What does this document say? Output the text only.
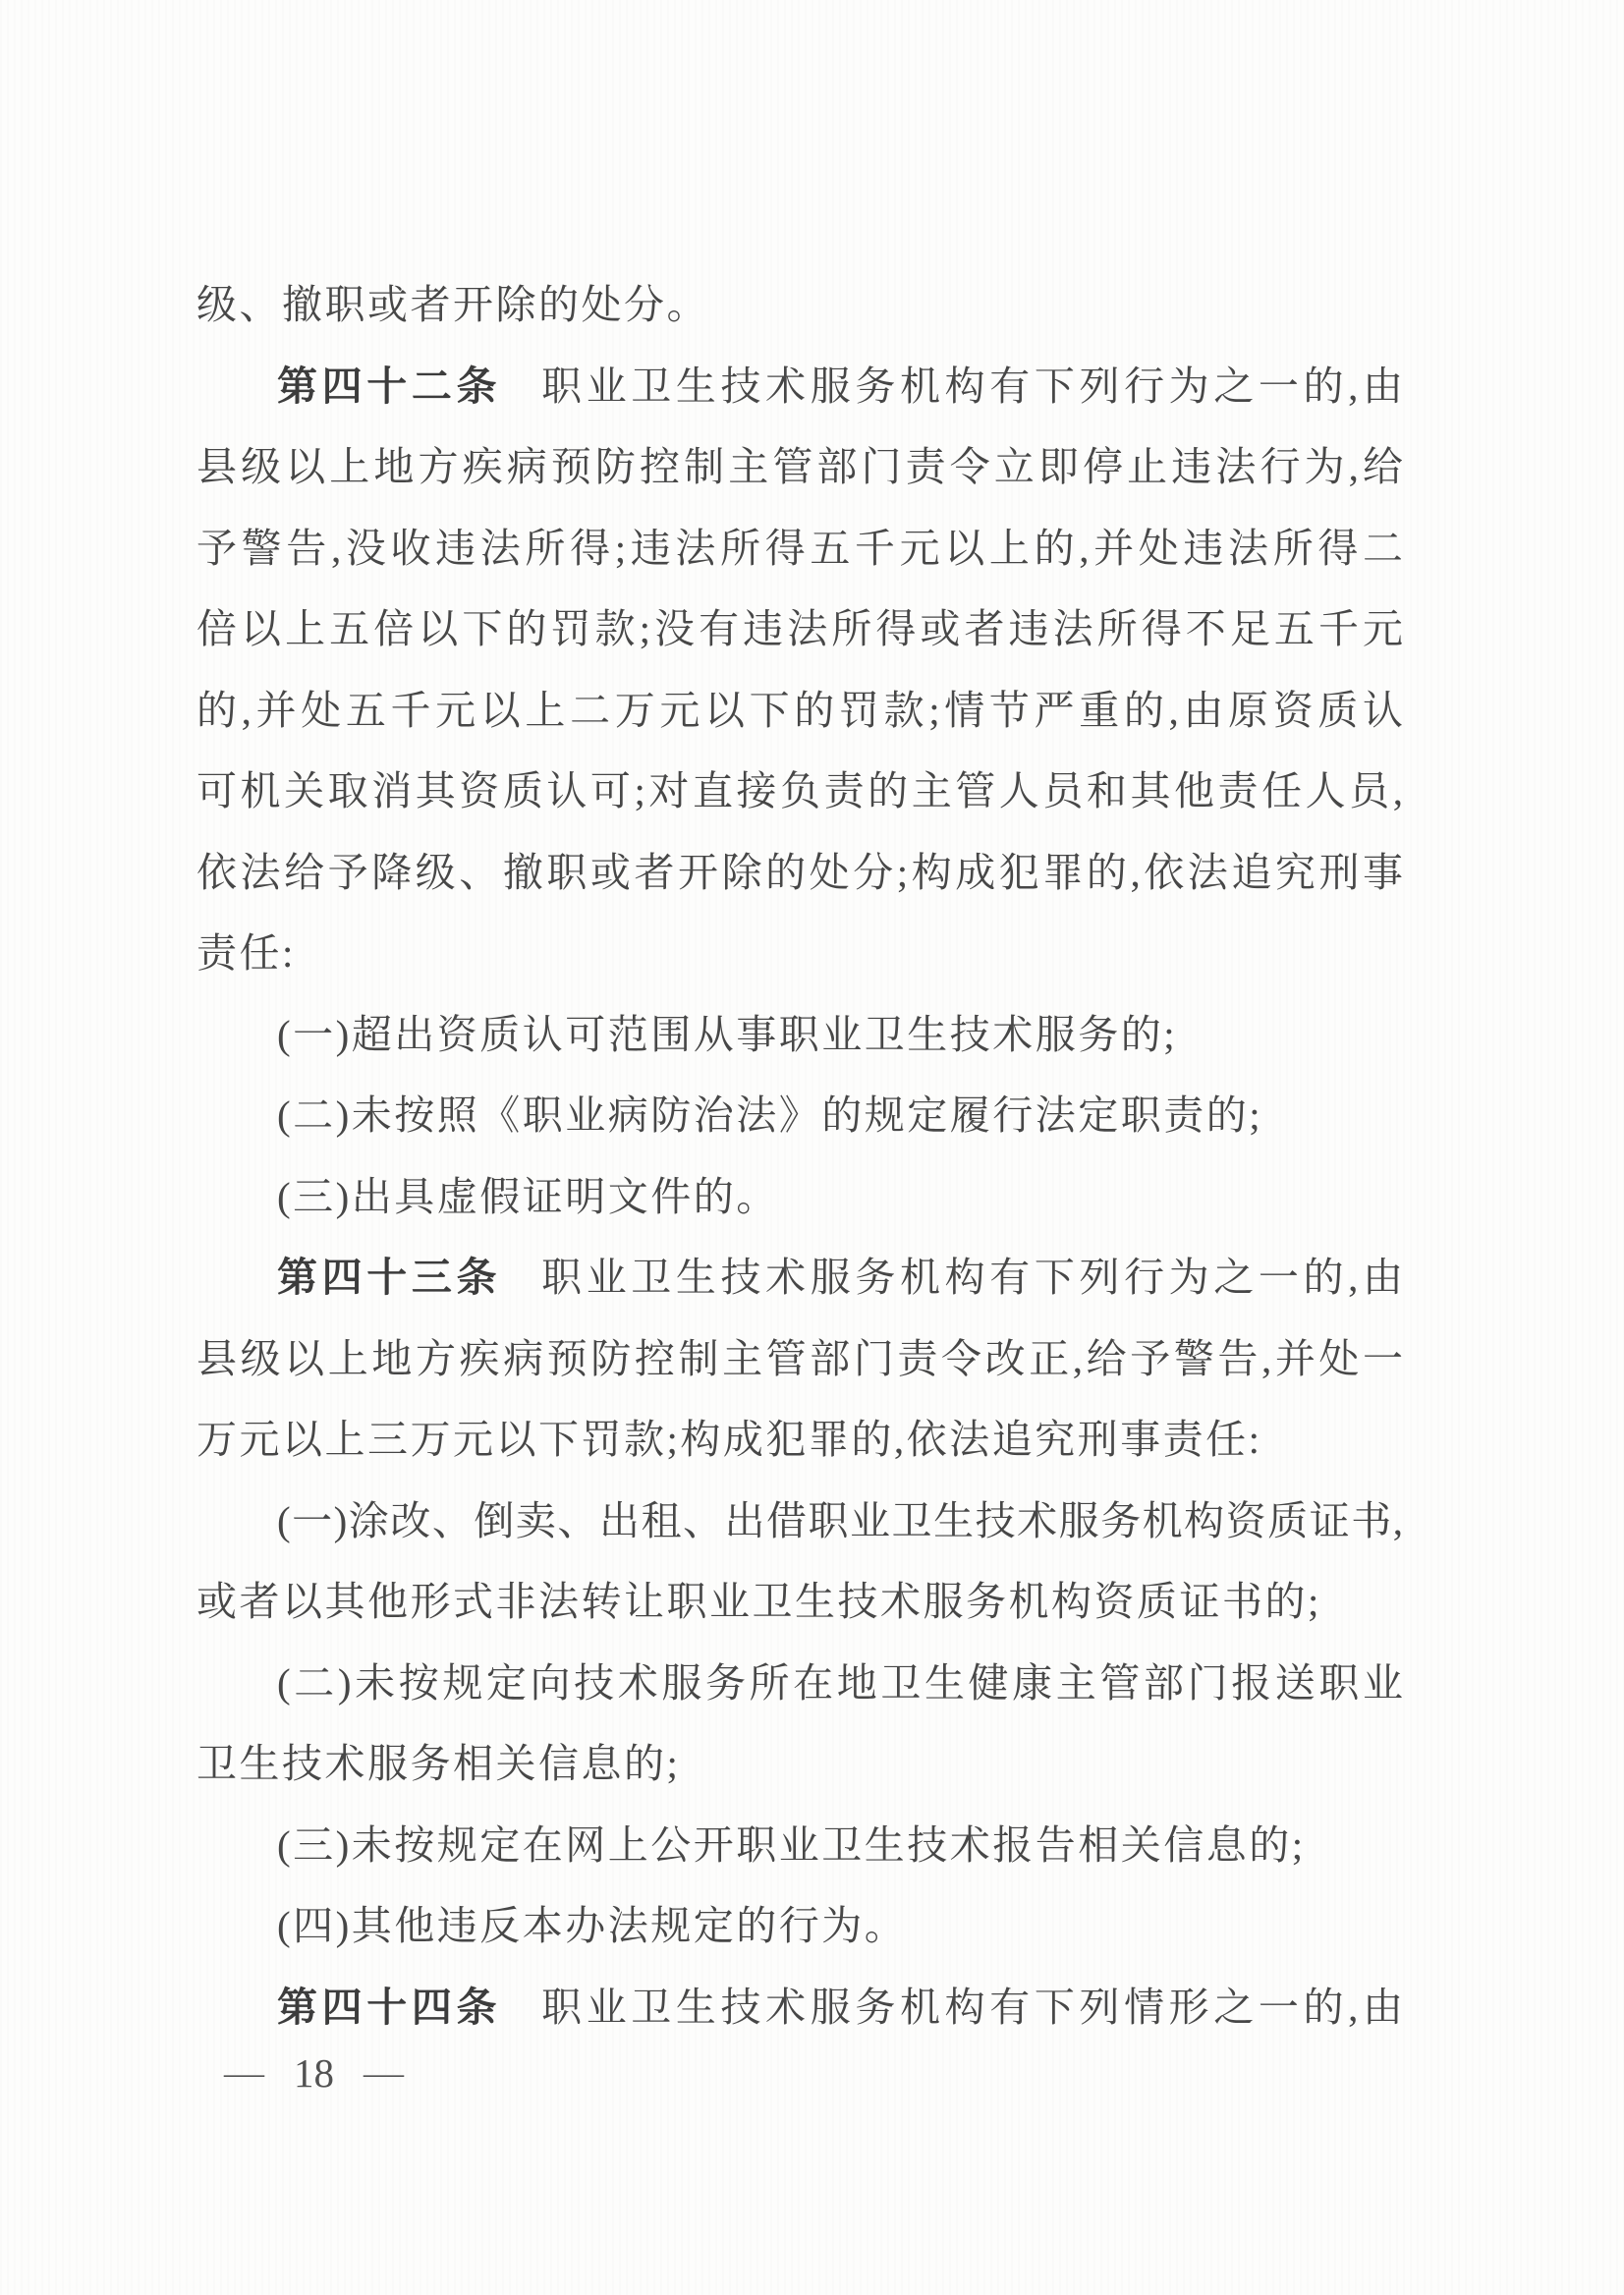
级、撤职或者开除的处分。
第四十二条 职业卫生技术服务机构有下列行为之一的,由
县级以上地方疾病预防控制主管部门责令立即停止违法行为,给
予警告,没收违法所得;违法所得五千元以上的,并处违法所得二
倍以上五倍以下的罚款;没有违法所得或者违法所得不足五千元
的,并处五千元以上二万元以下的罚款;情节严重的,由原资质认
可机关取消其资质认可;对直接负责的主管人员和其他责任人员,
依法给予降级、撤职或者开除的处分;构成犯罪的,依法追究刑事
责任:
(一)超出资质认可范围从事职业卫生技术服务的;
(二)未按照《职业病防治法》的规定履行法定职责的;
(三)出具虚假证明文件的。
第四十三条 职业卫生技术服务机构有下列行为之一的,由
县级以上地方疾病预防控制主管部门责令改正,给予警告,并处一
万元以上三万元以下罚款;构成犯罪的,依法追究刑事责任:
(一)涂改、倒卖、出租、出借职业卫生技术服务机构资质证书,
或者以其他形式非法转让职业卫生技术服务机构资质证书的;
(二)未按规定向技术服务所在地卫生健康主管部门报送职业
卫生技术服务相关信息的;
(三)未按规定在网上公开职业卫生技术报告相关信息的;
(四)其他违反本办法规定的行为。
第四十四条 职业卫生技术服务机构有下列情形之一的,由
— 18 —
